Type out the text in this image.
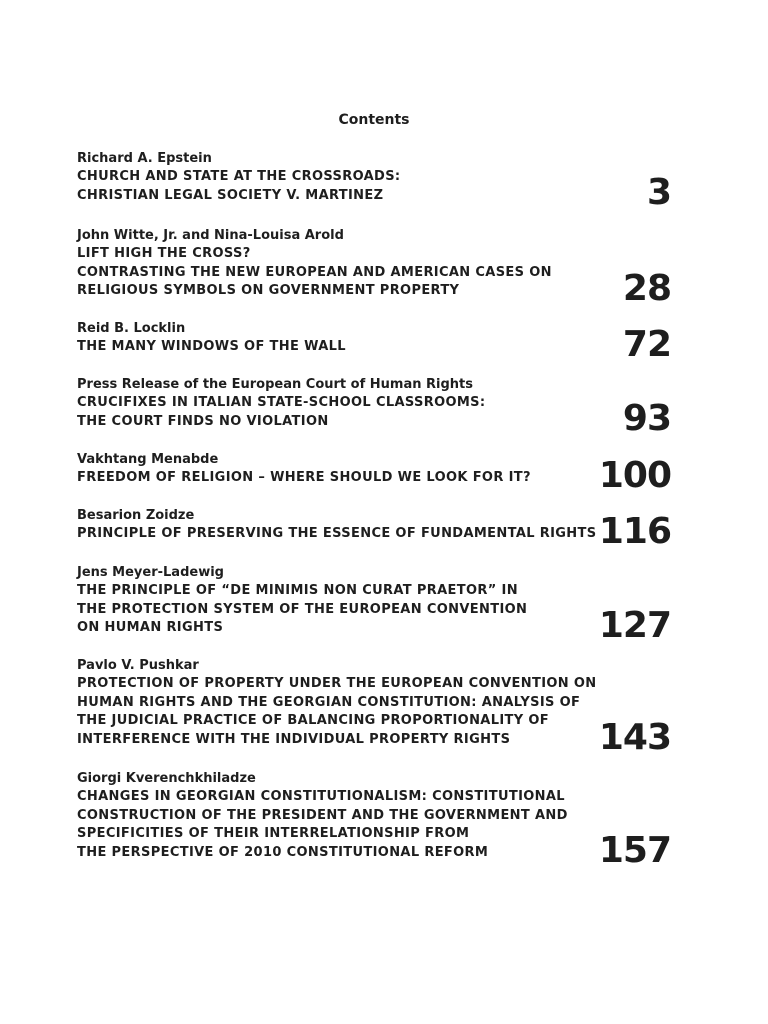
Contents
Richard A. Epstein
CHURCH AND STATE AT THE CROSSROADS:
CHRISTIAN LEGAL SOCIETY V. MARTINEZ	3
John Witte, Jr. and Nina-Louisa Arold
LIFT HIGH THE CROSS?
CONTRASTING THE NEW EUROPEAN AND AMERICAN CASES ON
RELIGIOUS SYMBOLS ON GOVERNMENT PROPERTY	28
Reid B. Locklin
THE MANY WINDOWS OF THE WALL	72
Press Release of the European Court of Human Rights
CRUCIFIXES IN ITALIAN STATE-SCHOOL CLASSROOMS:
THE COURT FINDS NO VIOLATION	93
Vakhtang Menabde
FREEDOM OF RELIGION – WHERE SHOULD WE LOOK FOR IT?	100
Besarion Zoidze
PRINCIPLE OF PRESERVING THE ESSENCE OF FUNDAMENTAL RIGHTS 116
Jens Meyer-Ladewig
THE PRINCIPLE OF “DE MINIMIS NON CURAT PRAETOR” IN
THE PROTECTION SYSTEM OF THE EUROPEAN CONVENTION
ON HUMAN RIGHTS	127
Pavlo V. Pushkar
PROTECTION OF PROPERTY UNDER THE EUROPEAN CONVENTION ON
HUMAN RIGHTS AND THE GEORGIAN CONSTITUTION: ANALYSIS OF
THE JUDICIAL PRACTICE OF BALANCING PROPORTIONALITY OF
INTERFERENCE WITH THE INDIVIDUAL PROPERTY RIGHTS	143
Giorgi Kverenchkhiladze
CHANGES IN GEORGIAN CONSTITUTIONALISM: CONSTITUTIONAL
CONSTRUCTION OF THE PRESIDENT AND THE GOVERNMENT AND
SPECIFICITIES OF THEIR INTERRELATIONSHIP FROM
THE PERSPECTIVE OF 2010 CONSTITUTIONAL REFORM	157
